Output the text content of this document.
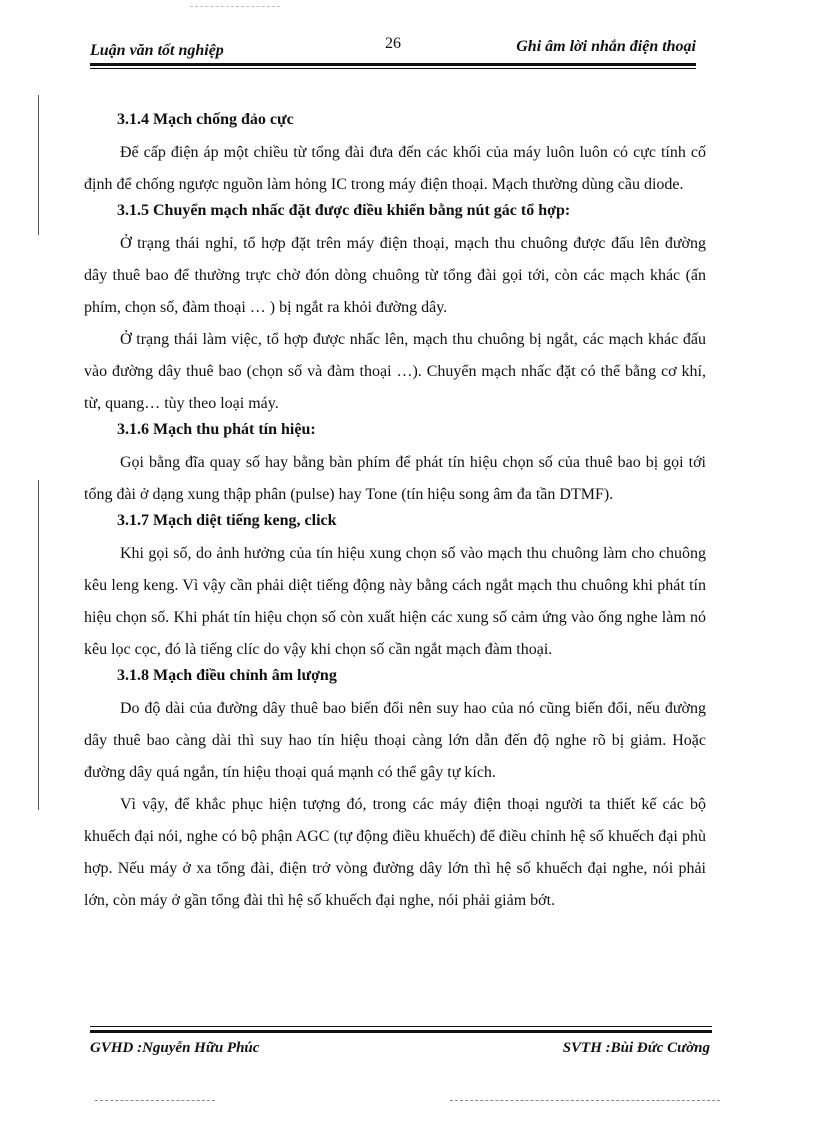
Luận văn tốt nghiệp	26	Ghi âm lời nhắn điện thoại
3.1.4 Mạch chống đảo cực

Để cấp điện áp một chiều từ tổng đài đưa đến các khối của máy luôn luôn có cực tính cố định để chống ngược nguồn làm hỏng IC trong máy điện thoại. Mạch thường dùng cầu diode.

3.1.5 Chuyển mạch nhấc đặt được điều khiển bằng nút gác tổ hợp:

Ở trạng thái nghỉ, tổ hợp đặt trên máy điện thoại, mạch thu chuông được đấu lên đường dây thuê bao để thường trực chờ đón dòng chuông từ tổng đài gọi tới, còn các mạch khác (ấn phím, chọn số, đàm thoại … ) bị ngắt ra khỏi đường dây.

Ở trạng thái làm việc, tổ hợp được nhấc lên, mạch thu chuông bị ngắt, các mạch khác đấu vào đường dây thuê bao (chọn số và đàm thoại …). Chuyển mạch nhấc đặt có thể bằng cơ khí, từ, quang… tùy theo loại máy.

3.1.6 Mạch thu phát tín hiệu:

Gọi bằng đĩa quay số hay bằng bàn phím để phát tín hiệu chọn số của thuê bao bị gọi tới tổng đài ở dạng xung thập phân (pulse) hay Tone (tín hiệu song âm đa tần DTMF).

3.1.7 Mạch diệt tiếng keng, click

Khi gọi số, do ảnh hưởng của tín hiệu xung chọn số vào mạch thu chuông làm cho chuông kêu leng keng. Vì vậy cần phải diệt tiếng động này bằng cách ngắt mạch thu chuông khi phát tín hiệu chọn số. Khi phát tín hiệu chọn số còn xuất hiện các xung số cảm ứng vào ống nghe làm nó kêu lọc cọc, đó là tiếng clíc do vậy khi chọn số cần ngắt mạch đàm thoại.

3.1.8 Mạch điều chỉnh âm lượng

Do độ dài của đường dây thuê bao biến đổi nên suy hao của nó cũng biến đổi, nếu đường dây thuê bao càng dài thì suy hao tín hiệu thoại càng lớn dẫn đến độ nghe rõ bị giảm. Hoặc đường dây quá ngắn, tín hiệu thoại quá mạnh có thể gây tự kích.

Vì vậy, để khắc phục hiện tượng đó, trong các máy điện thoại người ta thiết kế các bộ khuếch đại nói, nghe có bộ phận AGC (tự động điều khuếch) để điều chỉnh hệ số khuếch đại phù hợp. Nếu máy ở xa tổng đài, điện trở vòng đường dây lớn thì hệ số khuếch đại nghe, nói phải lớn, còn máy ở gần tổng đài thì hệ số khuếch đại nghe, nói phải giảm bớt.

GVHD :Nguyễn Hữu Phúc	SVTH :Bùi Đức Cường
